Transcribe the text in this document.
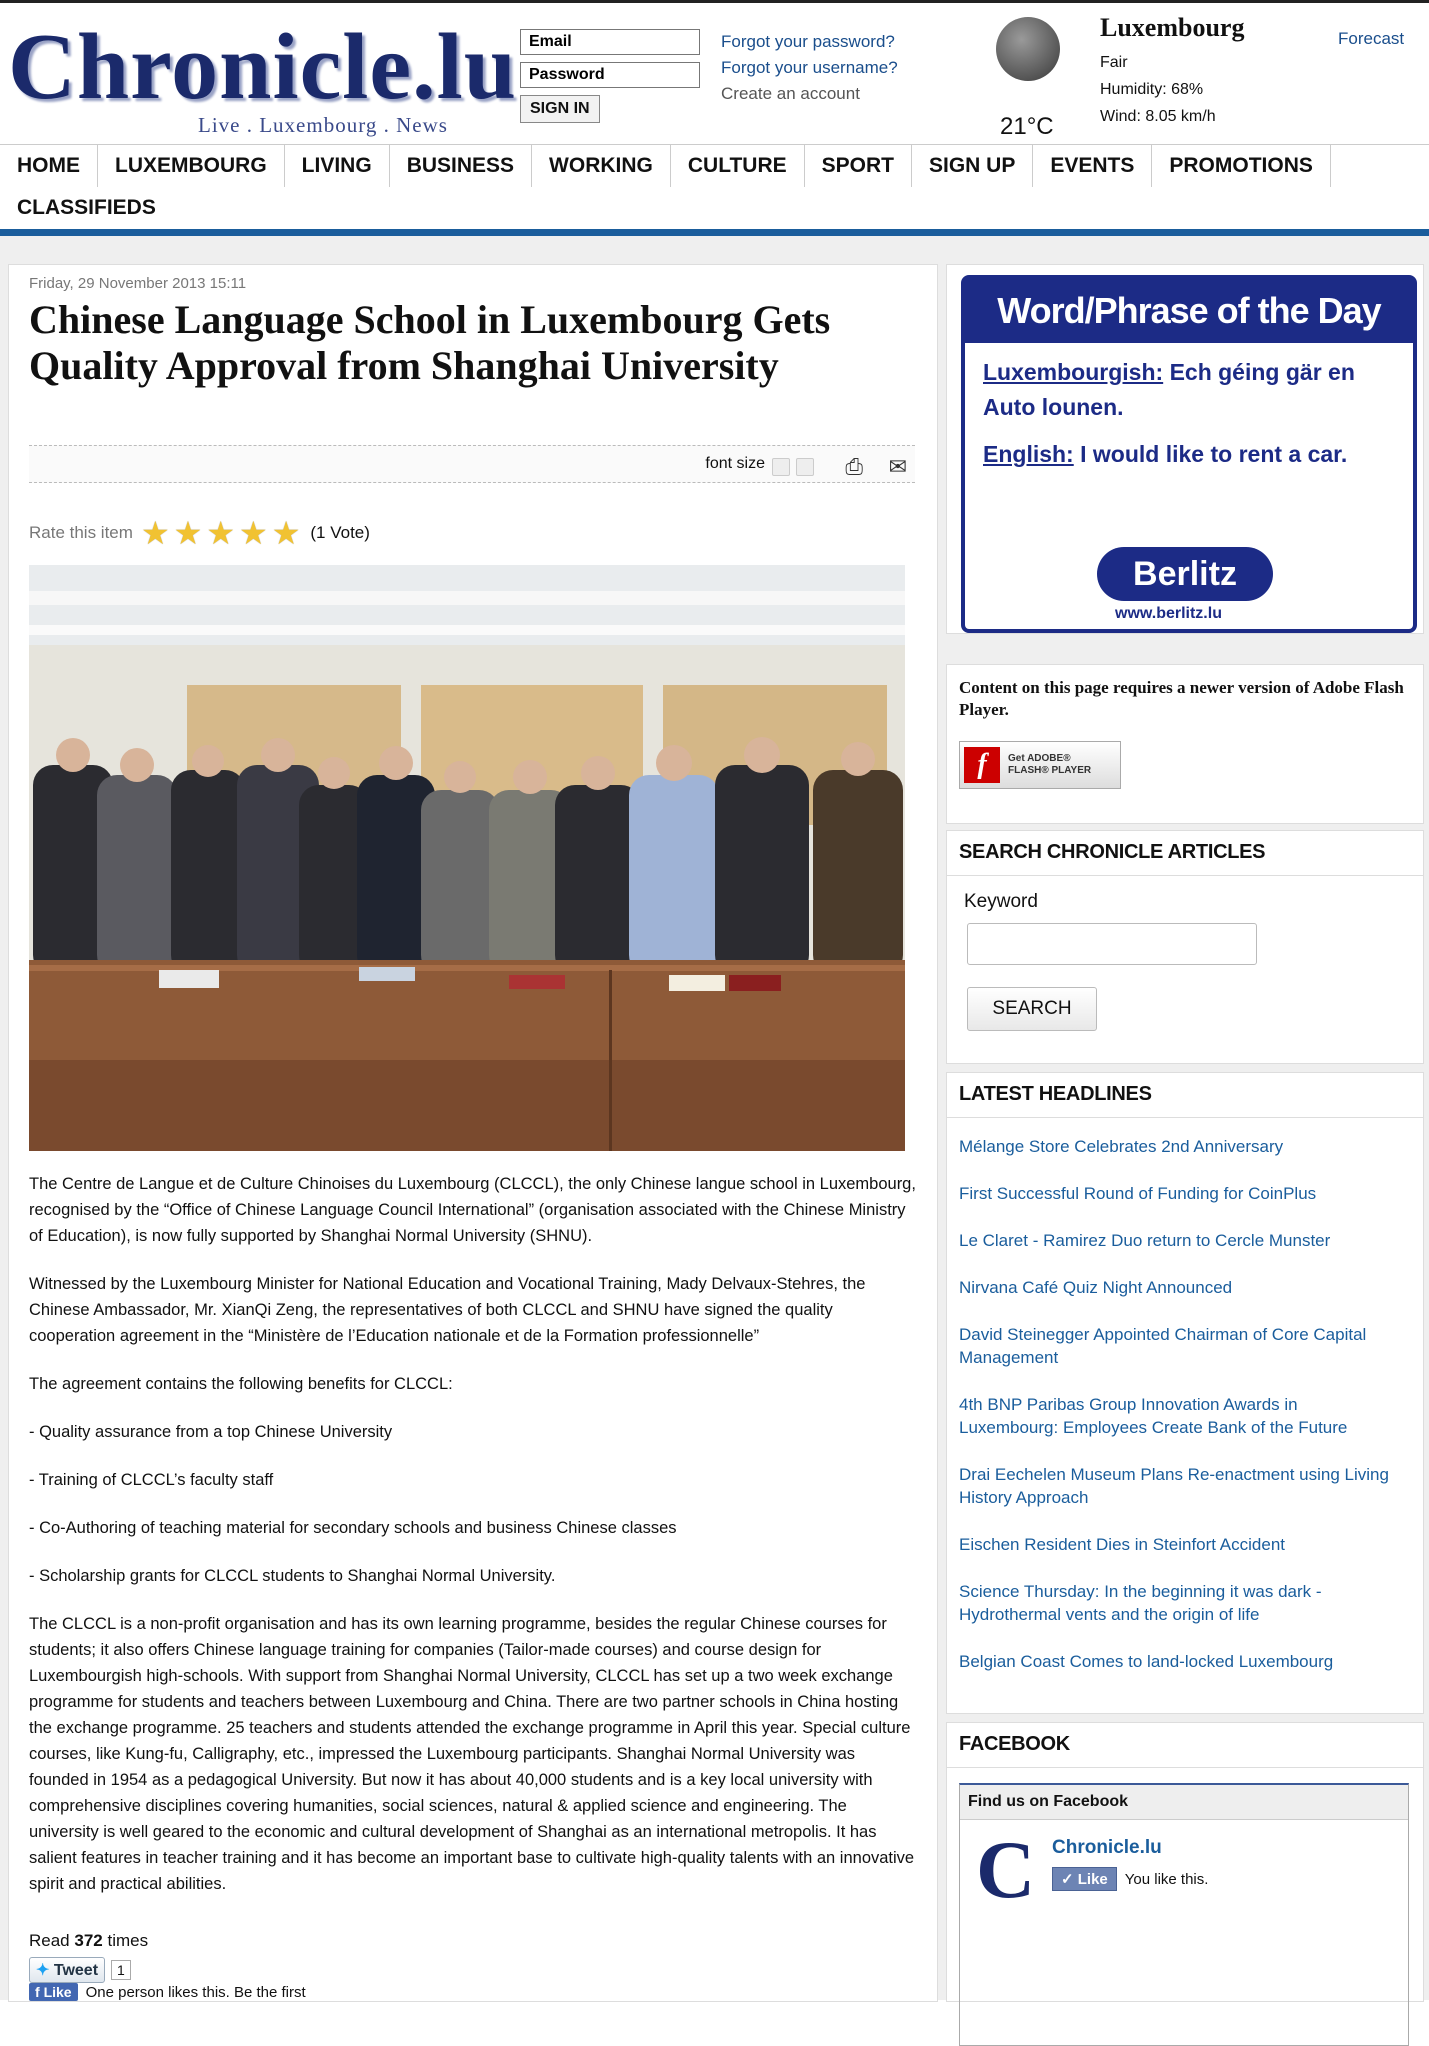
Chronicle.lu
Live . Luxembourg . News
Email
SIGN IN
Forgot your password?
Forgot your username?
Create an account
21°C
Luxembourg
Fair
Humidity: 68%
Wind: 8.05 km/h
Forecast
HOME	LUXEMBOURG	LIVING	BUSINESS	WORKING	CULTURE	SPORT	SIGN UP	EVENTS	PROMOTIONS
CLASSIFIEDS
Friday, 29 November 2013 15:11
Chinese Language School in Luxembourg Gets Quality Approval from Shanghai University
font size	⎙ ✉
Rate this item ★ ★ ★ ★ ★ (1 Vote)

The Centre de Langue et de Culture Chinoises du Luxembourg (CLCCL), the only Chinese langue school in Luxembourg, recognised by the “Office of Chinese Language Council International” (organisation associated with the Chinese Ministry of Education), is now fully supported by Shanghai Normal University (SHNU).

Witnessed by the Luxembourg Minister for National Education and Vocational Training, Mady Delvaux-Stehres, the Chinese Ambassador, Mr. XianQi Zeng, the representatives of both CLCCL and SHNU have signed the quality cooperation agreement in the “Ministère de l’Education nationale et de la Formation professionnelle”

The agreement contains the following benefits for CLCCL:

- Quality assurance from a top Chinese University

- Training of CLCCL’s faculty staff

- Co-Authoring of teaching material for secondary schools and business Chinese classes

- Scholarship grants for CLCCL students to Shanghai Normal University.

The CLCCL is a non-profit organisation and has its own learning programme, besides the regular Chinese courses for students; it also offers Chinese language training for companies (Tailor-made courses) and course design for Luxembourgish high-schools. With support from Shanghai Normal University, CLCCL has set up a two week exchange programme for students and teachers between Luxembourg and China. There are two partner schools in China hosting the exchange programme. 25 teachers and students attended the exchange programme in April this year. Special culture courses, like Kung-fu, Calligraphy, etc., impressed the Luxembourg participants. Shanghai Normal University was founded in 1954 as a pedagogical University. But now it has about 40,000 students and is a key local university with comprehensive disciplines covering humanities, social sciences, natural & applied science and engineering. The university is well geared to the economic and cultural development of Shanghai as an international metropolis. It has salient features in teacher training and it has become an important base to cultivate high-quality talents with an innovative spirit and practical abilities.

Read 372 times
✦ Tweet	1
f Like One person likes this. Be the first
Word/Phrase of the Day
Luxembourgish: Ech géing gär en Auto lounen.
English: I would like to rent a car.
Berlitz
www.berlitz.lu
Content on this page requires a newer version of Adobe Flash Player.
f	Get ADOBE®
FLASH® PLAYER
SEARCH CHRONICLE ARTICLES
Keyword
SEARCH
LATEST HEADLINES
Mélange Store Celebrates 2nd Anniversary
First Successful Round of Funding for CoinPlus
Le Claret - Ramirez Duo return to Cercle Munster
Nirvana Café Quiz Night Announced
David Steinegger Appointed Chairman of Core Capital Management
4th BNP Paribas Group Innovation Awards in Luxembourg: Employees Create Bank of the Future
Drai Eechelen Museum Plans Re-enactment using Living History Approach
Eischen Resident Dies in Steinfort Accident
Science Thursday: In the beginning it was dark - Hydrothermal vents and the origin of life
Belgian Coast Comes to land-locked Luxembourg
FACEBOOK
Find us on Facebook
C Chronicle.lu
✓ Like	You like this.
